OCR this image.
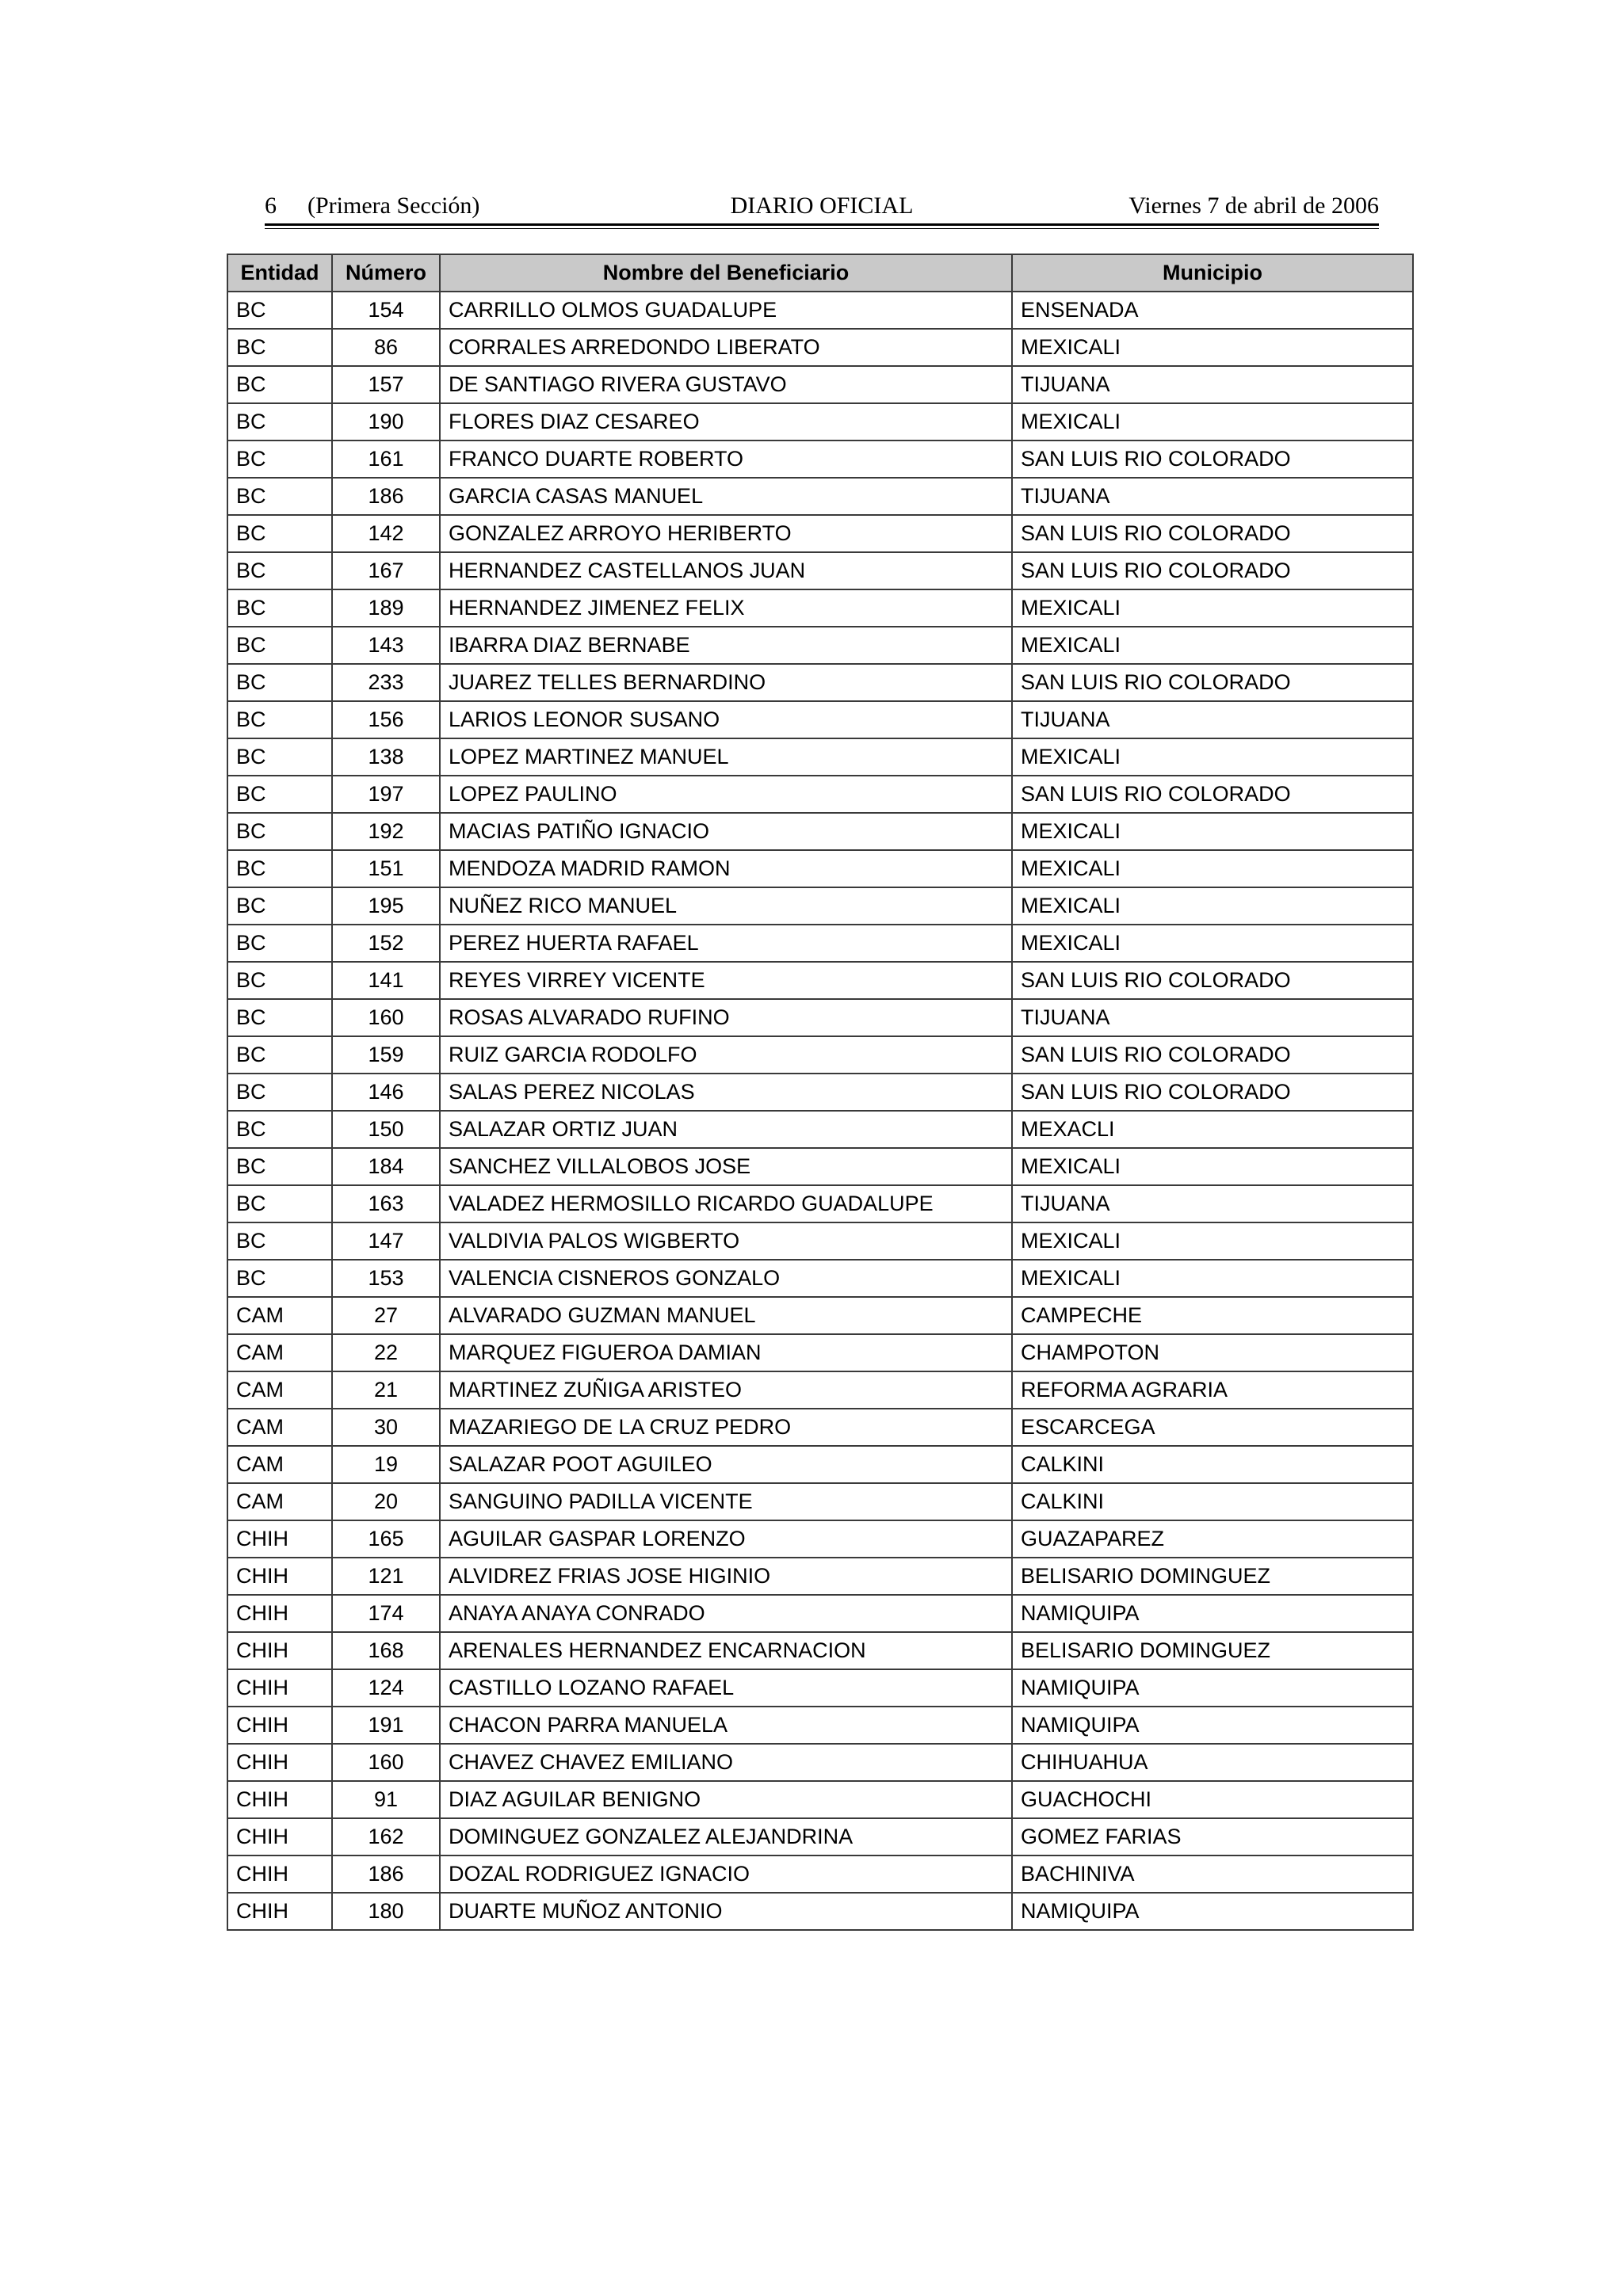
6 (Primera Sección)	DIARIO OFICIAL	Viernes 7 de abril de 2006
Entidad	Número	Nombre del Beneficiario	Municipio
BC	154	CARRILLO OLMOS GUADALUPE	ENSENADA
BC	86	CORRALES ARREDONDO LIBERATO	MEXICALI
BC	157	DE SANTIAGO RIVERA GUSTAVO	TIJUANA
BC	190	FLORES DIAZ CESAREO	MEXICALI
BC	161	FRANCO DUARTE ROBERTO	SAN LUIS RIO COLORADO
BC	186	GARCIA CASAS MANUEL	TIJUANA
BC	142	GONZALEZ ARROYO HERIBERTO	SAN LUIS RIO COLORADO
BC	167	HERNANDEZ CASTELLANOS JUAN	SAN LUIS RIO COLORADO
BC	189	HERNANDEZ JIMENEZ FELIX	MEXICALI
BC	143	IBARRA DIAZ BERNABE	MEXICALI
BC	233	JUAREZ TELLES BERNARDINO	SAN LUIS RIO COLORADO
BC	156	LARIOS LEONOR SUSANO	TIJUANA
BC	138	LOPEZ MARTINEZ MANUEL	MEXICALI
BC	197	LOPEZ PAULINO	SAN LUIS RIO COLORADO
BC	192	MACIAS PATIÑO IGNACIO	MEXICALI
BC	151	MENDOZA MADRID RAMON	MEXICALI
BC	195	NUÑEZ RICO MANUEL	MEXICALI
BC	152	PEREZ HUERTA RAFAEL	MEXICALI
BC	141	REYES VIRREY VICENTE	SAN LUIS RIO COLORADO
BC	160	ROSAS ALVARADO RUFINO	TIJUANA
BC	159	RUIZ GARCIA RODOLFO	SAN LUIS RIO COLORADO
BC	146	SALAS PEREZ NICOLAS	SAN LUIS RIO COLORADO
BC	150	SALAZAR ORTIZ JUAN	MEXACLI
BC	184	SANCHEZ VILLALOBOS JOSE	MEXICALI
BC	163	VALADEZ HERMOSILLO RICARDO GUADALUPE	TIJUANA
BC	147	VALDIVIA PALOS WIGBERTO	MEXICALI
BC	153	VALENCIA CISNEROS GONZALO	MEXICALI
CAM	27	ALVARADO GUZMAN MANUEL	CAMPECHE
CAM	22	MARQUEZ FIGUEROA DAMIAN	CHAMPOTON
CAM	21	MARTINEZ ZUÑIGA ARISTEO	REFORMA AGRARIA
CAM	30	MAZARIEGO DE LA CRUZ PEDRO	ESCARCEGA
CAM	19	SALAZAR POOT AGUILEO	CALKINI
CAM	20	SANGUINO PADILLA VICENTE	CALKINI
CHIH	165	AGUILAR GASPAR LORENZO	GUAZAPAREZ
CHIH	121	ALVIDREZ FRIAS JOSE HIGINIO	BELISARIO DOMINGUEZ
CHIH	174	ANAYA ANAYA CONRADO	NAMIQUIPA
CHIH	168	ARENALES HERNANDEZ ENCARNACION	BELISARIO DOMINGUEZ
CHIH	124	CASTILLO LOZANO RAFAEL	NAMIQUIPA
CHIH	191	CHACON PARRA MANUELA	NAMIQUIPA
CHIH	160	CHAVEZ CHAVEZ EMILIANO	CHIHUAHUA
CHIH	91	DIAZ AGUILAR BENIGNO	GUACHOCHI
CHIH	162	DOMINGUEZ GONZALEZ ALEJANDRINA	GOMEZ FARIAS
CHIH	186	DOZAL RODRIGUEZ IGNACIO	BACHINIVA
CHIH	180	DUARTE MUÑOZ ANTONIO	NAMIQUIPA
